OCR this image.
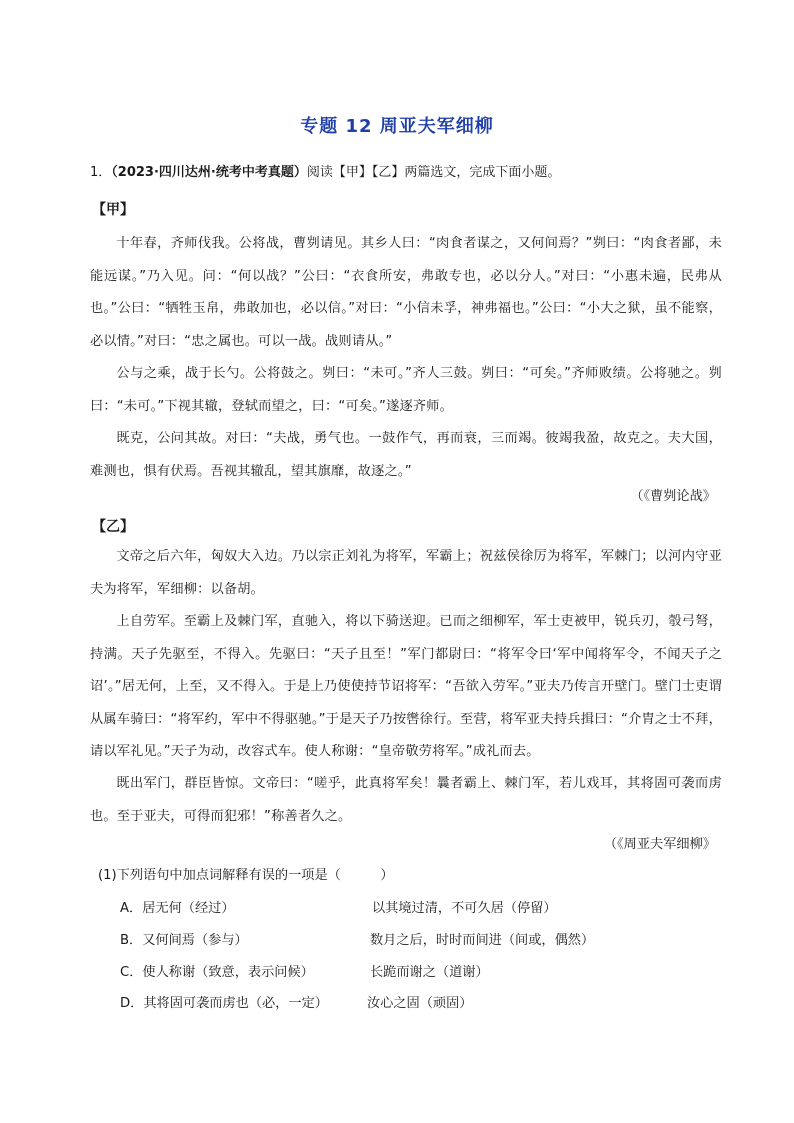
专题 12 周亚夫军细柳
1．（2023·四川达州·统考中考真题）阅读【甲】【乙】两篇选文，完成下面小题。
【甲】
十年春，齐师伐我。公将战，曹刿请见。其乡人曰：“肉食者谋之，又何间焉？”刿曰：“肉食者鄙，未能远谋。”乃入见。问：“何以战？”公曰：“衣食所安，弗敢专也，必以分人。”对曰：“小惠未遍，民弗从也。”公曰：“牺牲玉帛，弗敢加也，必以信。”对曰：“小信未孚，神弗福也。”公曰：“小大之狱，虽不能察，必以情。”对曰：“忠之属也。可以一战。战则请从。”
公与之乘，战于长勺。公将鼓之。刿曰：“未可。”齐人三鼓。刿曰：“可矣。”齐师败绩。公将驰之。刿曰：“未可。”下视其辙，登轼而望之，曰：“可矣。”遂逐齐师。
既克，公问其故。对曰：“夫战，勇气也。一鼓作气，再而衰，三而竭。彼竭我盈，故克之。夫大国，难测也，惧有伏焉。吾视其辙乱，望其旗靡，故逐之。”
（《曹刿论战》
【乙】
文帝之后六年，匈奴大入边。乃以宗正刘礼为将军，军霸上；祝兹侯徐厉为将军，军棘门；以河内守亚夫为将军，军细柳：以备胡。
上自劳军。至霸上及棘门军，直驰入，将以下骑送迎。已而之细柳军，军士吏被甲，锐兵刃，彀弓弩，持满。天子先驱至，不得入。先驱曰：“天子且至！”军门都尉曰：“将军令曰‘军中闻将军令，不闻天子之诏’。”居无何，上至，又不得入。于是上乃使使持节诏将军：“吾欲入劳军。”亚夫乃传言开壁门。壁门士吏谓从属车骑曰：“将军约，军中不得驱驰。”于是天子乃按辔徐行。至营，将军亚夫持兵揖曰：“介胄之士不拜，请以军礼见。”天子为动，改容式车。使人称谢：“皇帝敬劳将军。”成礼而去。
既出军门，群臣皆惊。文帝曰：“嗟乎，此真将军矣！曩者霸上、棘门军，若儿戏耳，其将固可袭而虏也。至于亚夫，可得而犯邪！”称善者久之。
（《周亚夫军细柳》
(1)下列语句中加点词解释有误的一项是（　　　）
A．居无何（经过）	以其境过清，不可久居（停留）
B．又何间焉（参与）	数月之后，时时而间进（间或，偶然）
C．使人称谢（致意，表示问候）	长跪而谢之（道谢）
D．其将固可袭而虏也（必，一定）	汝心之固（顽固）
